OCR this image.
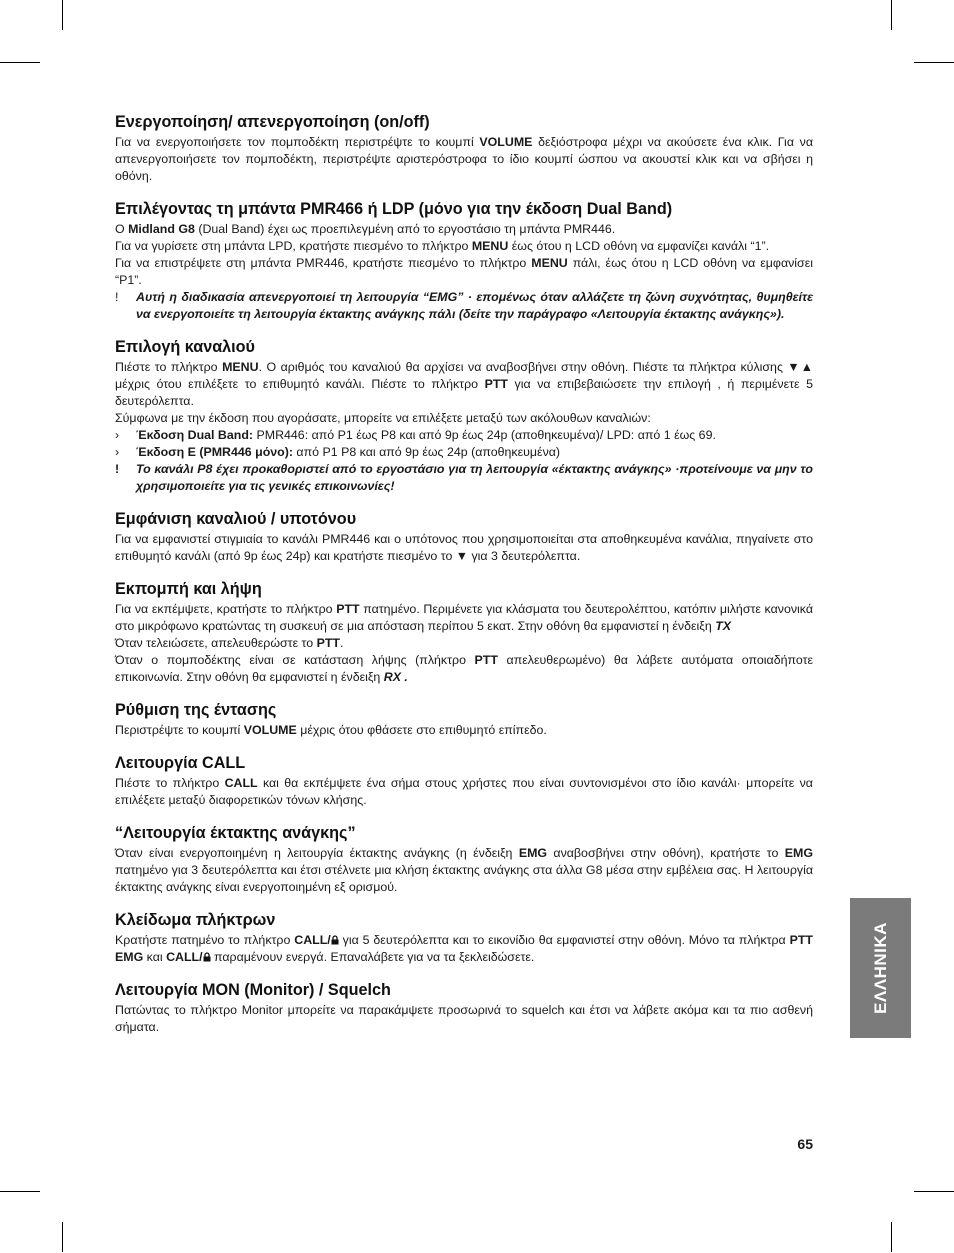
Ενεργοποίηση/ απενεργοποίηση (on/off)

Για να ενεργοποιήσετε τον πομποδέκτη περιστρέψτε το κουμπί VOLUME δεξιόστροφα μέχρι να ακούσετε ένα κλικ. Για να απενεργοποιήσετε τον πομποδέκτη, περιστρέψτε αριστερόστροφα το ίδιο κουμπί ώσπου να ακουστεί κλικ και να σβήσει η οθόνη.

Επιλέγοντας τη μπάντα PMR466 ή LDP (μόνο για την έκδοση Dual Band)

Ο Midland G8 (Dual Band) έχει ως προεπιλεγμένη από το εργοστάσιο τη μπάντα PMR446.

Για να γυρίσετε στη μπάντα LPD, κρατήστε πιεσμένο το πλήκτρο MENU έως ότου η LCD οθόνη να εμφανίζει κανάλι “1”.

Για να επιστρέψετε στη μπάντα PMR446, κρατήστε πιεσμένο το πλήκτρο MENU πάλι, έως ότου η LCD οθόνη να εμφανίσει “P1”.

!	Αυτή η διαδικασία απενεργοποιεί τη λειτουργία “EMG” · επομένως όταν αλλάζετε τη ζώνη συχνότητας, θυμηθείτε να ενεργοποιείτε τη λειτουργία έκτακτης ανάγκης πάλι (δείτε την παράγραφο «Λειτουργία έκτακτης ανάγκης»).
Επιλογή καναλιού

Πιέστε το πλήκτρο MENU. Ο αριθμός του καναλιού θα αρχίσει να αναβοσβήνει στην οθόνη. Πιέστε τα πλήκτρα κύλισης ▼▲ μέχρις ότου επιλέξετε το επιθυμητό κανάλι. Πιέστε το πλήκτρο PTT για να επιβεβαιώσετε την επιλογή , ή περιμένετε 5 δευτερόλεπτα.

Σύμφωνα με την έκδοση που αγοράσατε, μπορείτε να επιλέξετε μεταξύ των ακόλουθων καναλιών:

›	Έκδοση Dual Band: PMR446: από P1 έως P8 και από 9p έως 24p (αποθηκευμένα)/ LPD: από 1 έως 69.
›	Έκδοση E (PMR446 μόνο): από P1 P8 και από 9p έως 24p (αποθηκευμένα)
!	Το κανάλι P8 έχει προκαθοριστεί από το εργοστάσιο για τη λειτουργία «έκτακτης ανάγκης» ·προτείνουμε να μην το χρησιμοποιείτε για τις γενικές επικοινωνίες!
Εμφάνιση καναλιού / υποτόνου

Για να εμφανιστεί στιγμιαία το κανάλι PMR446 και ο υπότονος που χρησιμοποιείται στα αποθηκευμένα κανάλια, πηγαίνετε στο επιθυμητό κανάλι (από 9p έως 24p) και κρατήστε πιεσμένο το ▼ για 3 δευτερόλεπτα.

Εκπομπή και λήψη

Για να εκπέμψετε, κρατήστε το πλήκτρο PTT πατημένο. Περιμένετε για κλάσματα του δευτερολέπτου, κατόπιν μιλήστε κανονικά στο μικρόφωνο κρατώντας τη συσκευή σε μια απόσταση περίπου 5 εκατ. Στην οθόνη θα εμφανιστεί η ένδειξη TX

Όταν τελειώσετε, απελευθερώστε το PTT.

Όταν ο πομποδέκτης είναι σε κατάσταση λήψης (πλήκτρο PTT απελευθερωμένο) θα λάβετε αυτόματα οποιαδήποτε επικοινωνία. Στην οθόνη θα εμφανιστεί η ένδειξη RX .

Ρύθμιση της έντασης

Περιστρέψτε το κουμπί VOLUME μέχρις ότου φθάσετε στο επιθυμητό επίπεδο.

Λειτουργία CALL

Πιέστε το πλήκτρο CALL και θα εκπέμψετε ένα σήμα στους χρήστες που είναι συντονισμένοι στο ίδιο κανάλι· μπορείτε να επιλέξετε μεταξύ διαφορετικών τόνων κλήσης.

“Λειτουργία έκτακτης ανάγκης”

Όταν είναι ενεργοποιημένη η λειτουργία έκτακτης ανάγκης (η ένδειξη EMG αναβοσβήνει στην οθόνη), κρατήστε το EMG πατημένο για 3 δευτερόλεπτα και έτσι στέλνετε μια κλήση έκτακτης ανάγκης στα άλλα G8 μέσα στην εμβέλεια σας. Η λειτουργία έκτακτης ανάγκης είναι ενεργοποιημένη εξ ορισμού.

Κλείδωμα πλήκτρων

Κρατήστε πατημένο το πλήκτρο CALL/ για 5 δευτερόλεπτα και το εικονίδιο θα εμφανιστεί στην οθόνη. Μόνο τα πλήκτρα PTT EMG και CALL/ παραμένουν ενεργά. Επαναλάβετε για να τα ξεκλειδώσετε.

Λειτουργία MON (Monitor) / Squelch

Πατώντας το πλήκτρο Monitor μπορείτε να παρακάμψετε προσωρινά το squelch και έτσι να λάβετε ακόμα και τα πιο ασθενή σήματα.

ΕΛΛΗΝΙΚΑ
65
